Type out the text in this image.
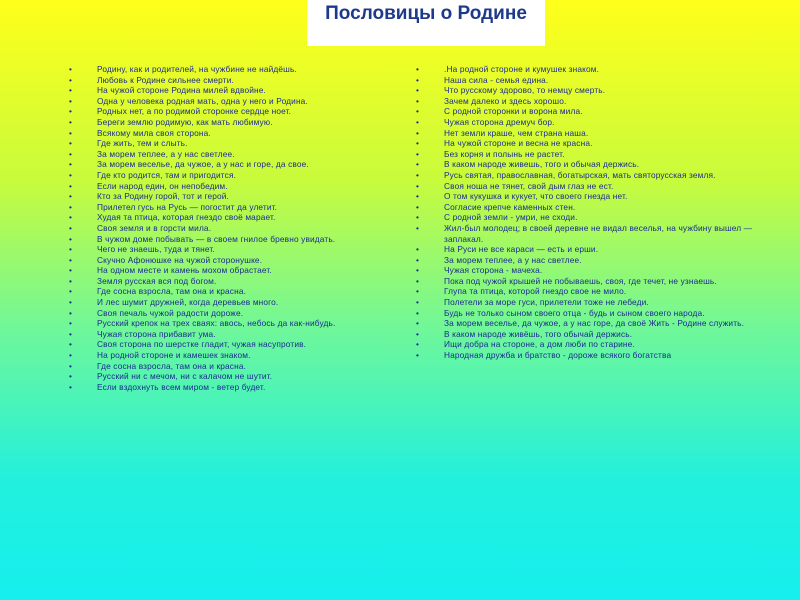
Пословицы о Родине
• Родину, как и родителей, на чужбине не найдёшь.
• Любовь к Родине сильнее смерти.
• На чужой стороне Родина милей вдвойне.
• Одна у человека родная мать, одна у него и Родина.
• Родных нет, а по родимой сторонке сердце ноет.
• Береги землю родимую, как мать любимую.
• Всякому мила своя сторона.
• Где жить, тем и слыть.
• За морем теплее, а у нас светлее.
• За морем веселье, да чужое, а у нас и горе, да свое.
• Где кто родится, там и пригодится.
• Если народ един, он непобедим.
• Кто за Родину горой, тот и герой.
• Прилетел гусь на Русь — погостит да улетит.
• Худая та птица, которая гнездо своё марает.
• Своя земля и в горсти мила.
• В чужом доме побывать — в своем гнилое бревно увидать.
• Чего не знаешь, туда и тянет.
• Скучно Афонюшке на чужой сторонушке.
• На одном месте и камень мохом обрастает.
• Земля русская вся под богом.
• Где сосна взросла, там она и красна.
• И лес шумит дружней, когда деревьев много.
• Своя печаль чужой радости дороже.
• Русский крепок на трех сваях: авось, небось да как-нибудь.
• Чужая сторона прибавит ума.
• Своя сторона по шерстке гладит, чужая насупротив.
• На родной стороне и камешек знаком.
• Где сосна взросла, там она и красна.
• Русский ни с мечом, ни с калачом не шутит.
• Если вздохнуть всем миром - ветер будет.
• .На родной стороне и кумушек знаком.
• Наша сила - семья едина.
• Что русскому здорово, то немцу смерть.
• Зачем далеко и здесь хорошо.
• С родной сторонки и ворона мила.
• Чужая сторона дремуч бор.
• Нет земли краше, чем страна наша.
• На чужой стороне и весна не красна.
• Без корня и полынь не растет.
• В каком народе живешь, того и обычая держись.
• Русь святая, православная, богатырская, мать святорусская земля.
• Своя ноша не тянет, свой дым глаз не ест.
• О том кукушка и кукует, что своего гнезда нет.
• Согласие крепче каменных стен.
• С родной земли - умри, не сходи.
• Жил-был молодец; в своей деревне не видал веселья, на чужбину вышел — заплакал.
• На Руси не все караси — есть и ерши.
• За морем теплее, а у нас светлее.
• Чужая сторона - мачеха.
• Пока под чужой крышей не побываешь, своя, где течет, не узнаешь.
• Глупа та птица, которой гнездо свое не мило.
• Полетели за море гуси, прилетели тоже не лебеди.
• Будь не только сыном своего отца - будь и сыном своего народа.
• За морем веселье, да чужое, а у нас горе, да своё Жить - Родине служить.
• В каком народе живёшь, того обычай держись.
• Ищи добра на стороне, а дом люби по старине.
• Народная дружба и братство - дороже всякого богатства
